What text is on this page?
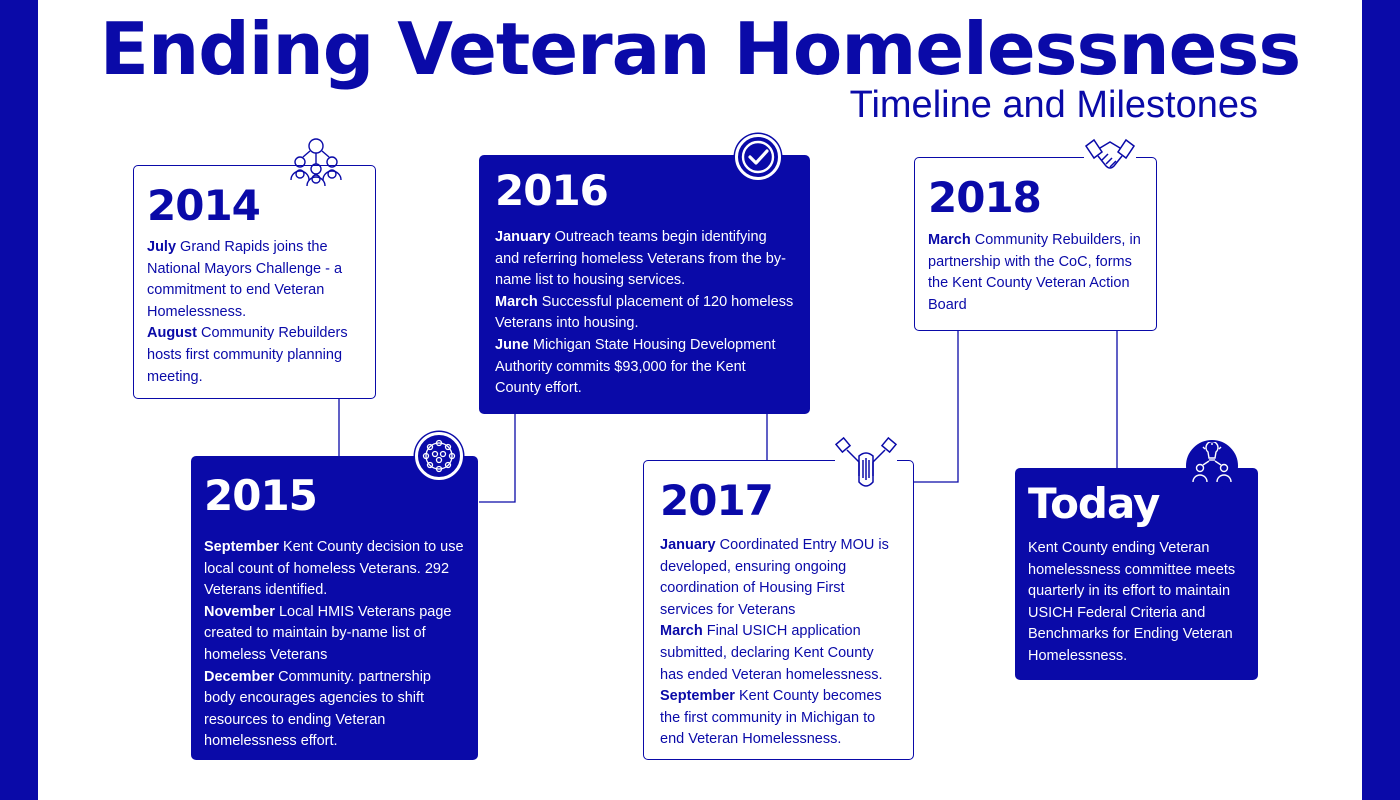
Ending Veteran Homelessness
Timeline and Milestones
2014
July Grand Rapids joins the National Mayors Challenge - a commitment to end Veteran Homelessness.
August Community Rebuilders hosts first community planning meeting.
2015
September Kent County decision to use local count of homeless Veterans. 292 Veterans identified.
November Local HMIS Veterans page created to maintain by-name list of homeless Veterans
December Community. partnership body encourages agencies to shift resources to ending Veteran homelessness effort.
2016
January Outreach teams begin identifying and referring homeless Veterans from the by-name list to housing services.
March Successful placement of 120 homeless Veterans into housing.
June Michigan State Housing Development Authority commits $93,000 for the Kent County effort.
2017
January Coordinated Entry MOU is developed, ensuring ongoing coordination of Housing First services for Veterans
March Final USICH application submitted, declaring Kent County has ended Veteran homelessness.
September Kent County becomes the first community in Michigan to end Veteran Homelessness.
2018
March Community Rebuilders, in partnership with the CoC, forms the Kent County Veteran Action Board
Today
Kent County ending Veteran homelessness committee meets quarterly in its effort to maintain USICH Federal Criteria and Benchmarks for Ending Veteran Homelessness.
